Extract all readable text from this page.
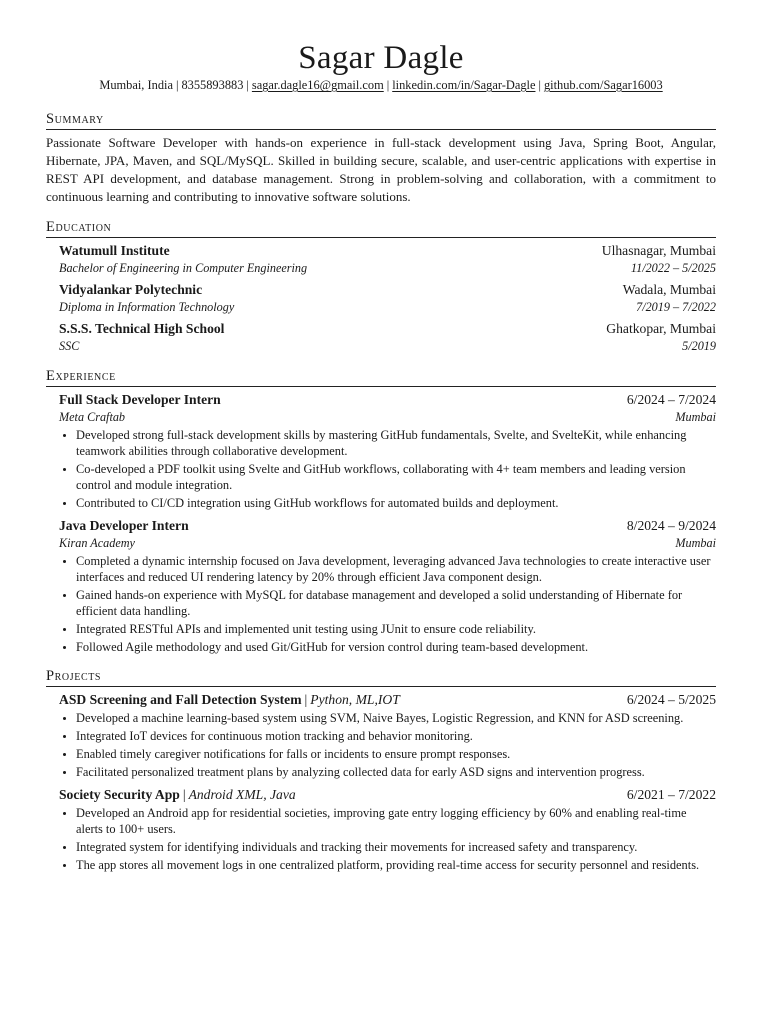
Sagar Dagle
Mumbai, India | 8355893883 | sagar.dagle16@gmail.com | linkedin.com/in/Sagar-Dagle | github.com/Sagar16003
Summary
Passionate Software Developer with hands-on experience in full-stack development using Java, Spring Boot, Angular, Hibernate, JPA, Maven, and SQL/MySQL. Skilled in building secure, scalable, and user-centric applications with expertise in REST API development, and database management. Strong in problem-solving and collaboration, with a commitment to continuous learning and contributing to innovative software solutions.
Education
Watumull Institute	Ulhasnagar, Mumbai
Bachelor of Engineering in Computer Engineering	11/2022 – 5/2025
Vidyalankar Polytechnic	Wadala, Mumbai
Diploma in Information Technology	7/2019 – 7/2022
S.S.S. Technical High School	Ghatkopar, Mumbai
SSC	5/2019
Experience
Full Stack Developer Intern	6/2024 – 7/2024
Meta Craftab	Mumbai
• Developed strong full-stack development skills by mastering GitHub fundamentals, Svelte, and SvelteKit, while enhancing teamwork abilities through collaborative development.
• Co-developed a PDF toolkit using Svelte and GitHub workflows, collaborating with 4+ team members and leading version control and module integration.
• Contributed to CI/CD integration using GitHub workflows for automated builds and deployment.
Java Developer Intern	8/2024 – 9/2024
Kiran Academy	Mumbai
• Completed a dynamic internship focused on Java development, leveraging advanced Java technologies to create interactive user interfaces and reduced UI rendering latency by 20% through efficient Java component design.
• Gained hands-on experience with MySQL for database management and developed a solid understanding of Hibernate for efficient data handling.
• Integrated RESTful APIs and implemented unit testing using JUnit to ensure code reliability.
• Followed Agile methodology and used Git/GitHub for version control during team-based development.
Projects
ASD Screening and Fall Detection System | Python, ML,IOT	6/2024 – 5/2025
• Developed a machine learning-based system using SVM, Naive Bayes, Logistic Regression, and KNN for ASD screening.
• Integrated IoT devices for continuous motion tracking and behavior monitoring.
• Enabled timely caregiver notifications for falls or incidents to ensure prompt responses.
• Facilitated personalized treatment plans by analyzing collected data for early ASD signs and intervention progress.
Society Security App | Android XML, Java	6/2021 – 7/2022
• Developed an Android app for residential societies, improving gate entry logging efficiency by 60% and enabling real-time alerts to 100+ users.
• Integrated system for identifying individuals and tracking their movements for increased safety and transparency.
• The app stores all movement logs in one centralized platform, providing real-time access for security personnel and residents.
